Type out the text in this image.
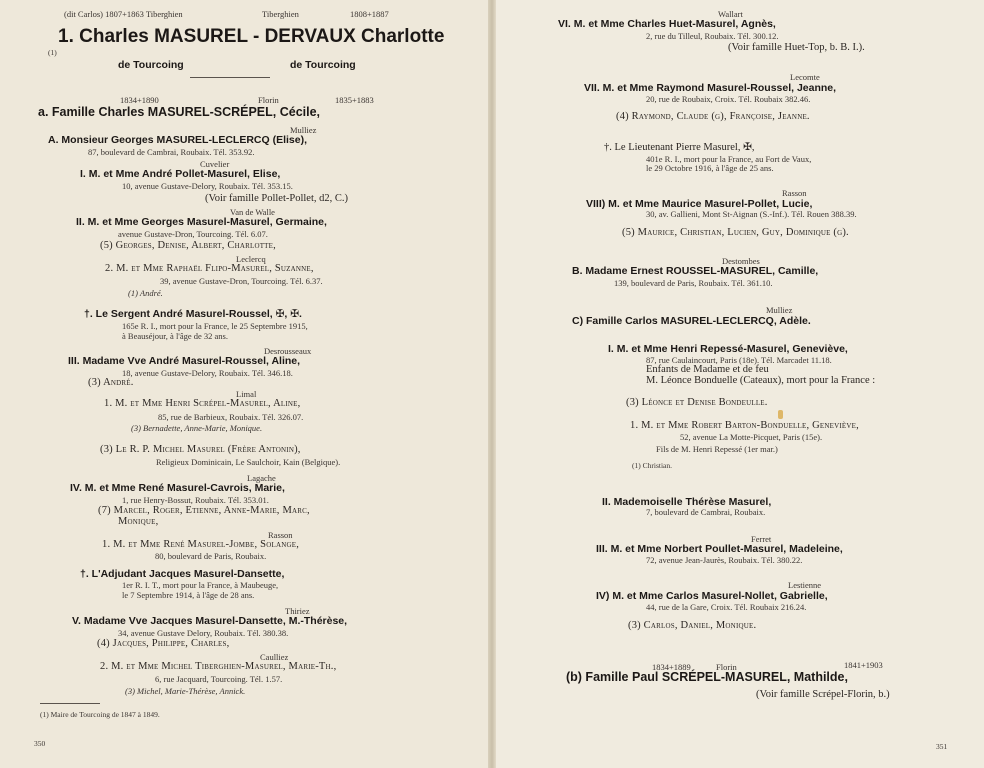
(dit Carlos) 1807+1863 Tiberghien	Tiberghien	1808+1887
1. Charles MASUREL - DERVAUX Charlotte
(1)
de Tourcoing	de Tourcoing
1834+1890	Florin	1835+1883
a. Famille Charles MASUREL-SCRÉPEL, Cécile,
Mulliez
A. Monsieur Georges MASUREL-LECLERCQ (Elise),
87, boulevard de Cambrai, Roubaix. Tél. 353.92.
Cuvelier
I. M. et Mme André Pollet-Masurel, Elise,
10, avenue Gustave-Delory, Roubaix. Tél. 353.15.
(Voir famille Pollet-Pollet, d2, C.)
Van de Walle
II. M. et Mme Georges Masurel-Masurel, Germaine,
avenue Gustave-Dron, Tourcoing. Tél. 6.07.
(5) Georges, Denise, Albert, Charlotte,
Leclercq
2. M. et Mme Raphaël Flipo-Masurel, Suzanne,
39, avenue Gustave-Dron, Tourcoing. Tél. 6.37.
(1) André.
†. Le Sergent André Masurel-Roussel, ✠, ✠.
165e R. I., mort pour la France, le 25 Septembre 1915,
à Beauséjour, à l'âge de 32 ans.
Desrousseaux
III. Madame Vve André Masurel-Roussel, Aline,
18, avenue Gustave-Delory, Roubaix. Tél. 346.18.
(3) André.
Limal
1. M. et Mme Henri Scrépel-Masurel, Aline,
85, rue de Barbieux, Roubaix. Tél. 326.07.
(3) Bernadette, Anne-Marie, Monique.
(3) Le R. P. Michel Masurel (Frère Antonin),
Religieux Dominicain, Le Saulchoir, Kain (Belgique).
Lagache
IV. M. et Mme René Masurel-Cavrois, Marie,
1, rue Henry-Bossut, Roubaix. Tél. 353.01.
(7) Marcel, Roger, Etienne, Anne-Marie, Marc,
Monique,
Rasson
1. M. et Mme René Masurel-Jombe, Solange,
80, boulevard de Paris, Roubaix.
†. L'Adjudant Jacques Masurel-Dansette,
1er R. I. T., mort pour la France, à Maubeuge,
le 7 Septembre 1914, à l'âge de 28 ans.
Thiriez
V. Madame Vve Jacques Masurel-Dansette, M.-Thérèse,
34, avenue Gustave Delory, Roubaix. Tél. 380.38.
(4) Jacques, Philippe, Charles,
Caulliez
2. M. et Mme Michel Tiberghien-Masurel, Marie-Th.,
6, rue Jacquard, Tourcoing. Tél. 1.57.
(3) Michel, Marie-Thérèse, Annick.
(1) Maire de Tourcoing de 1847 à 1849.
350
Wallart
VI. M. et Mme Charles Huet-Masurel, Agnès,
2, rue du Tilleul, Roubaix. Tél. 300.12.
(Voir famille Huet-Top, b. B. I.).
Lecomte
VII. M. et Mme Raymond Masurel-Roussel, Jeanne,
20, rue de Roubaix, Croix. Tél. Roubaix 382.46.
(4) Raymond, Claude (g), Françoise, Jeanne.
†. Le Lieutenant Pierre Masurel, ✠,
401e R. I., mort pour la France, au Fort de Vaux,
le 29 Octobre 1916, à l'âge de 25 ans.
Rasson
VIII) M. et Mme Maurice Masurel-Pollet, Lucie,
30, av. Gallieni, Mont St-Aignan (S.-Inf.). Tél. Rouen 388.39.
(5) Maurice, Christian, Lucien, Guy, Dominique (g).
Destombes
B. Madame Ernest ROUSSEL-MASUREL, Camille,
139, boulevard de Paris, Roubaix. Tél. 361.10.
Mulliez
C) Famille Carlos MASUREL-LECLERCQ, Adèle.
I. M. et Mme Henri Repessé-Masurel, Geneviève,
87, rue Caulaincourt, Paris (18e). Tél. Marcadet 11.18.
Enfants de Madame et de feu
M. Léonce Bonduelle (Cateaux), mort pour la France :
(3) Léonce et Denise Bondeulle.
1. M. et Mme Robert Barton-Bonduelle, Geneviève,
52, avenue La Motte-Picquet, Paris (15e).
Fils de M. Henri Repessé (1er mar.)
(1) Christian.
II. Mademoiselle Thérèse Masurel,
7, boulevard de Cambrai, Roubaix.
Ferret
III. M. et Mme Norbert Poullet-Masurel, Madeleine,
72, avenue Jean-Jaurès, Roubaix. Tél. 380.22.
Lestienne
IV) M. et Mme Carlos Masurel-Nollet, Gabrielle,
44, rue de la Gare, Croix. Tél. Roubaix 216.24.
(3) Carlos, Daniel, Monique.
1834+1889	Florin	1841+1903
(b) Famille Paul SCRÉPEL-MASUREL, Mathilde,
(Voir famille Scrépel-Florin, b.)
351
